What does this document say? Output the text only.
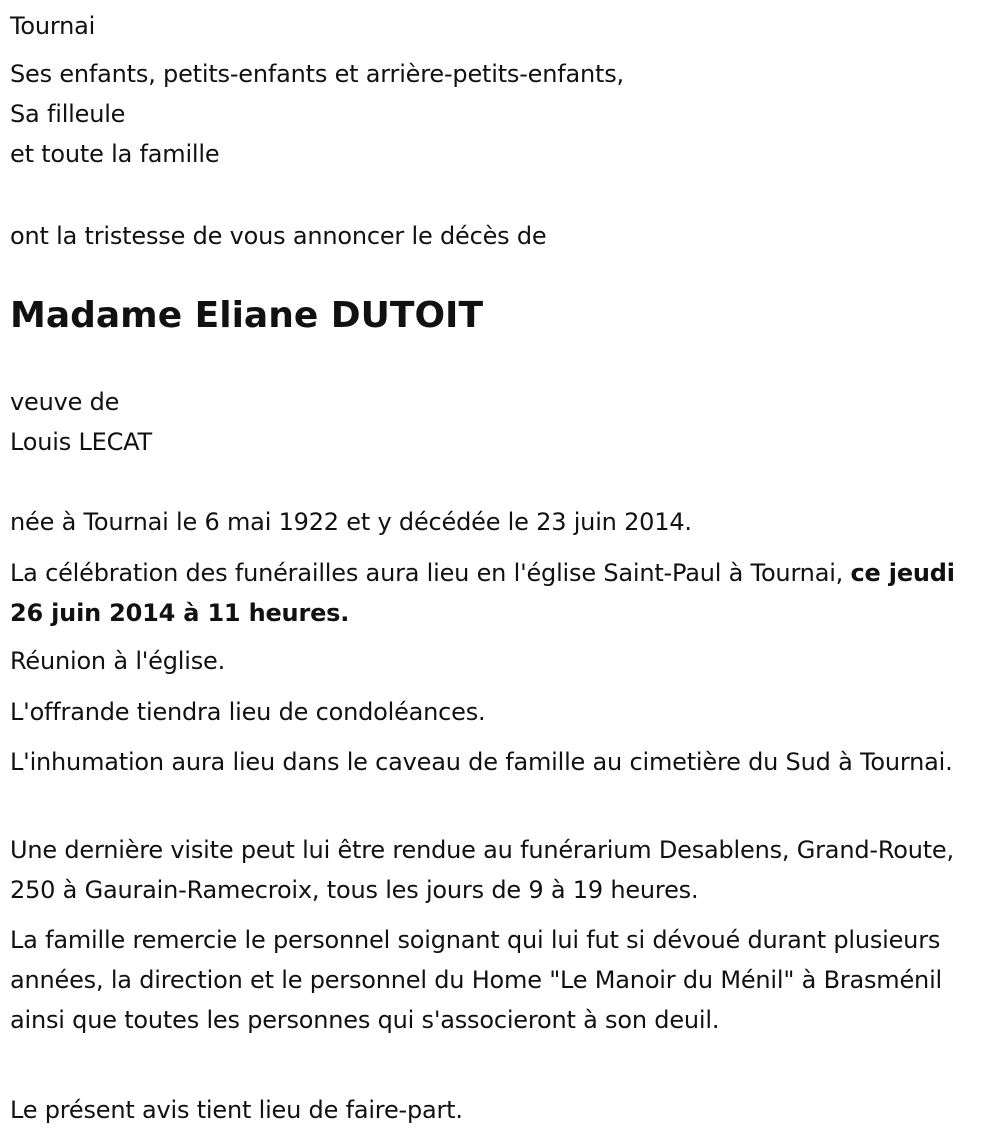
Tournai
Ses enfants, petits-enfants et arrière-petits-enfants,
Sa filleule
et toute la famille
ont la tristesse de vous annoncer le décès de
Madame Eliane DUTOIT
veuve de
Louis LECAT
née à Tournai le 6 mai 1922 et y décédée le 23 juin 2014.
La célébration des funérailles aura lieu en l'église Saint-Paul à Tournai, ce jeudi 26 juin 2014 à 11 heures.
Réunion à l'église.
L'offrande tiendra lieu de condoléances.
L'inhumation aura lieu dans le caveau de famille au cimetière du Sud à Tournai.
Une dernière visite peut lui être rendue au funérarium Desablens, Grand-Route, 250 à Gaurain-Ramecroix, tous les jours de 9 à 19 heures.
La famille remercie le personnel soignant qui lui fut si dévoué durant plusieurs années, la direction et le personnel du Home "Le Manoir du Ménil" à Brasménil ainsi que toutes les personnes qui s'associeront à son deuil.
Le présent avis tient lieu de faire-part.
